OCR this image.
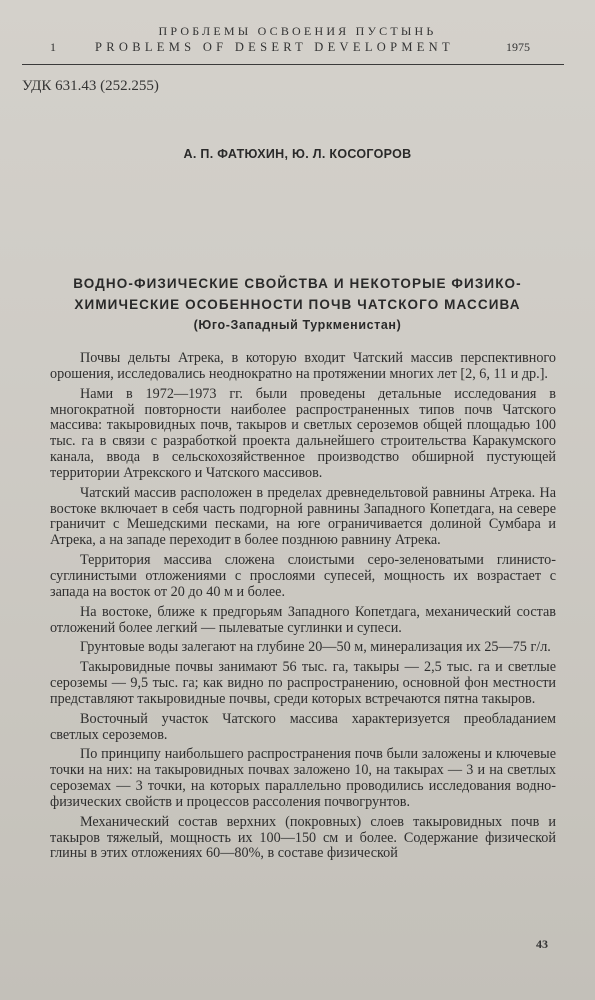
ПРОБЛЕМЫ ОСВОЕНИЯ ПУСТЫНЬ
1	PROBLEMS OF DESERT DEVELOPMENT	1975
УДК 631.43 (252.255)
А. П. ФАТЮХИН, Ю. Л. КОСОГОРОВ
ВОДНО-ФИЗИЧЕСКИЕ СВОЙСТВА И НЕКОТОРЫЕ ФИЗИКО-
ХИМИЧЕСКИЕ ОСОБЕННОСТИ ПОЧВ ЧАТСКОГО МАССИВА
(Юго-Западный Туркменистан)

Почвы дельты Атрека, в которую входит Чатский массив перспективного орошения, исследовались неоднократно на протяжении многих лет [2, 6, 11 и др.].

Нами в 1972—1973 гг. были проведены детальные исследования в многократной повторности наиболее распространенных типов почв Чатского массива: такыровидных почв, такыров и светлых сероземов общей площадью 100 тыс. га в связи с разработкой проекта дальнейшего строительства Каракумского канала, ввода в сельскохозяйственное производство обширной пустующей территории Атрекского и Чатского массивов.

Чатский массив расположен в пределах древнедельтовой равнины Атрека. На востоке включает в себя часть подгорной равнины Западного Копетдага, на севере граничит с Мешедскими песками, на юге ограничивается долиной Сумбара и Атрека, а на западе переходит в более позднюю равнину Атрека.

Территория массива сложена слоистыми серо-зеленоватыми глинисто-суглинистыми отложениями с прослоями супесей, мощность их возрастает с запада на восток от 20 до 40 м и более.

На востоке, ближе к предгорьям Западного Копетдага, механический состав отложений более легкий — пылеватые суглинки и супеси.

Грунтовые воды залегают на глубине 20—50 м, минерализация их 25—75 г/л.

Такыровидные почвы занимают 56 тыс. га, такыры — 2,5 тыс. га и светлые сероземы — 9,5 тыс. га; как видно по распространению, основной фон местности представляют такыровидные почвы, среди которых встречаются пятна такыров.

Восточный участок Чатского массива характеризуется преобладанием светлых сероземов.

По принципу наибольшего распространения почв были заложены и ключевые точки на них: на такыровидных почвах заложено 10, на такырах — 3 и на светлых сероземах — 3 точки, на которых параллельно проводились исследования водно-физических свойств и процессов рассоления почвогрунтов.

Механический состав верхних (покровных) слоев такыровидных почв и такыров тяжелый, мощность их 100—150 см и более. Содержание физической глины в этих отложениях 60—80%, в составе физической

43
